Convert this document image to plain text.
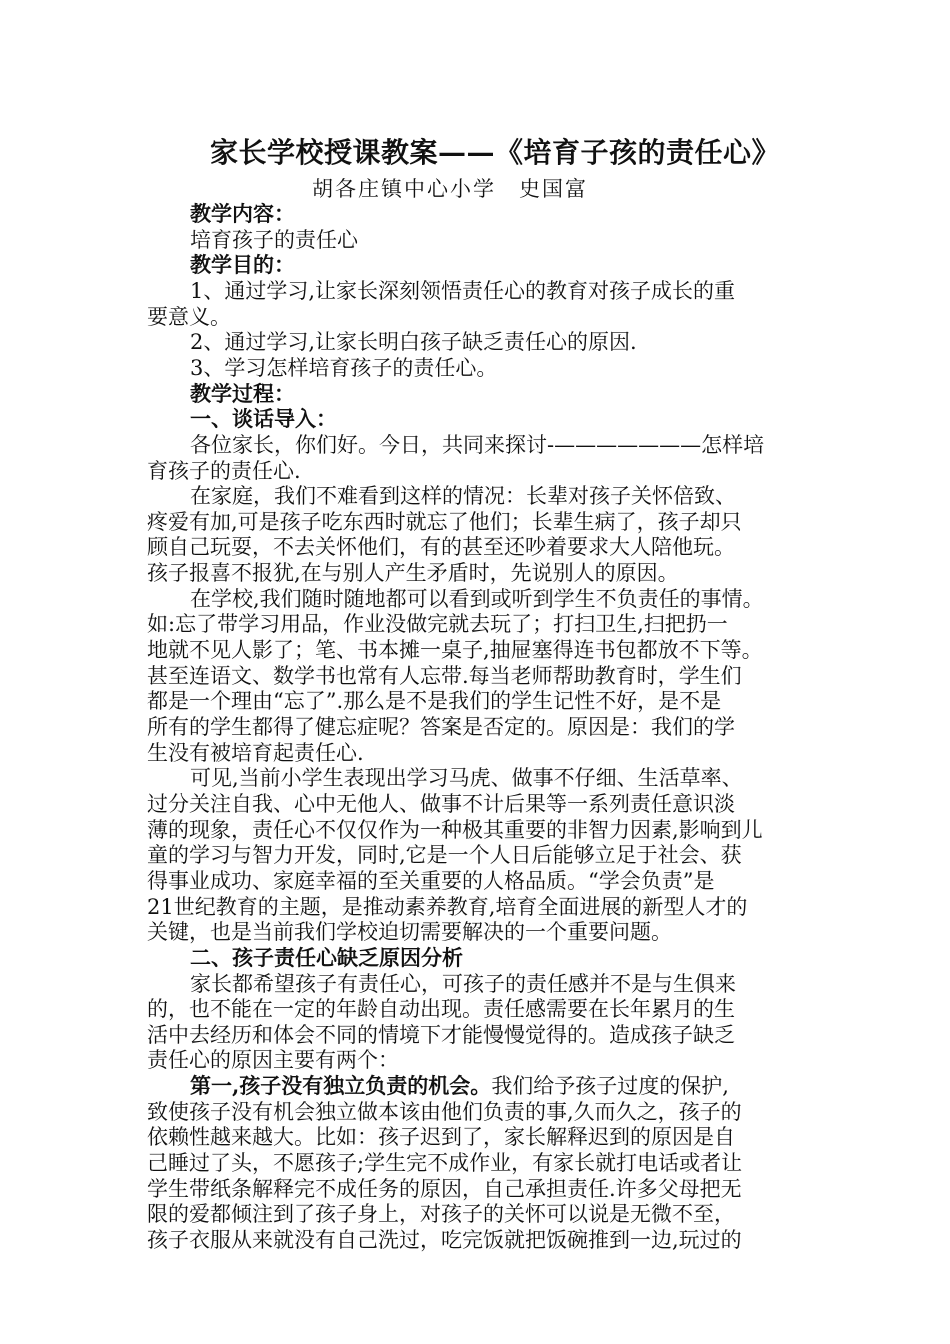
家长学校授课教案——《培育子孩的责任心》
胡各庄镇中心小学　史国富
教学内容：
培育孩子的责任心
教学目的：
1、通过学习,让家长深刻领悟责任心的教育对孩子成长的重
要意义。
2、通过学习,让家长明白孩子缺乏责任心的原因.
3、学习怎样培育孩子的责任心。
教学过程：
一、谈话导入：
各位家长，你们好。今日，共同来探讨-———————怎样培
育孩子的责任心.
在家庭，我们不难看到这样的情况：长辈对孩子关怀倍致、
疼爱有加,可是孩子吃东西时就忘了他们；长辈生病了，孩子却只
顾自己玩耍，不去关怀他们，有的甚至还吵着要求大人陪他玩。
孩子报喜不报犹,在与别人产生矛盾时，先说别人的原因。
在学校,我们随时随地都可以看到或听到学生不负责任的事情。
如:忘了带学习用品，作业没做完就去玩了；打扫卫生,扫把扔一
地就不见人影了；笔、书本摊一桌子,抽屉塞得连书包都放不下等。
甚至连语文、数学书也常有人忘带.每当老师帮助教育时，学生们
都是一个理由“忘了”.那么是不是我们的学生记性不好，是不是
所有的学生都得了健忘症呢？答案是否定的。原因是：我们的学
生没有被培育起责任心.
可见,当前小学生表现出学习马虎、做事不仔细、生活草率、
过分关注自我、心中无他人、做事不计后果等一系列责任意识淡
薄的现象，责任心不仅仅作为一种极其重要的非智力因素,影响到儿
童的学习与智力开发，同时,它是一个人日后能够立足于社会、获
得事业成功、家庭幸福的至关重要的人格品质。“学会负责”是
21世纪教育的主题，是推动素养教育,培育全面进展的新型人才的
关键，也是当前我们学校迫切需要解决的一个重要问题。
二、孩子责任心缺乏原因分析
家长都希望孩子有责任心，可孩子的责任感并不是与生俱来
的，也不能在一定的年龄自动出现。责任感需要在长年累月的生
活中去经历和体会不同的情境下才能慢慢觉得的。造成孩子缺乏
责任心的原因主要有两个：
第一,孩子没有独立负责的机会。我们给予孩子过度的保护,
致使孩子没有机会独立做本该由他们负责的事,久而久之，孩子的
依赖性越来越大。比如：孩子迟到了，家长解释迟到的原因是自
己睡过了头，不愿孩子;学生完不成作业，有家长就打电话或者让
学生带纸条解释完不成任务的原因，自己承担责任.许多父母把无
限的爱都倾注到了孩子身上，对孩子的关怀可以说是无微不至，
孩子衣服从来就没有自己洗过，吃完饭就把饭碗推到一边,玩过的
